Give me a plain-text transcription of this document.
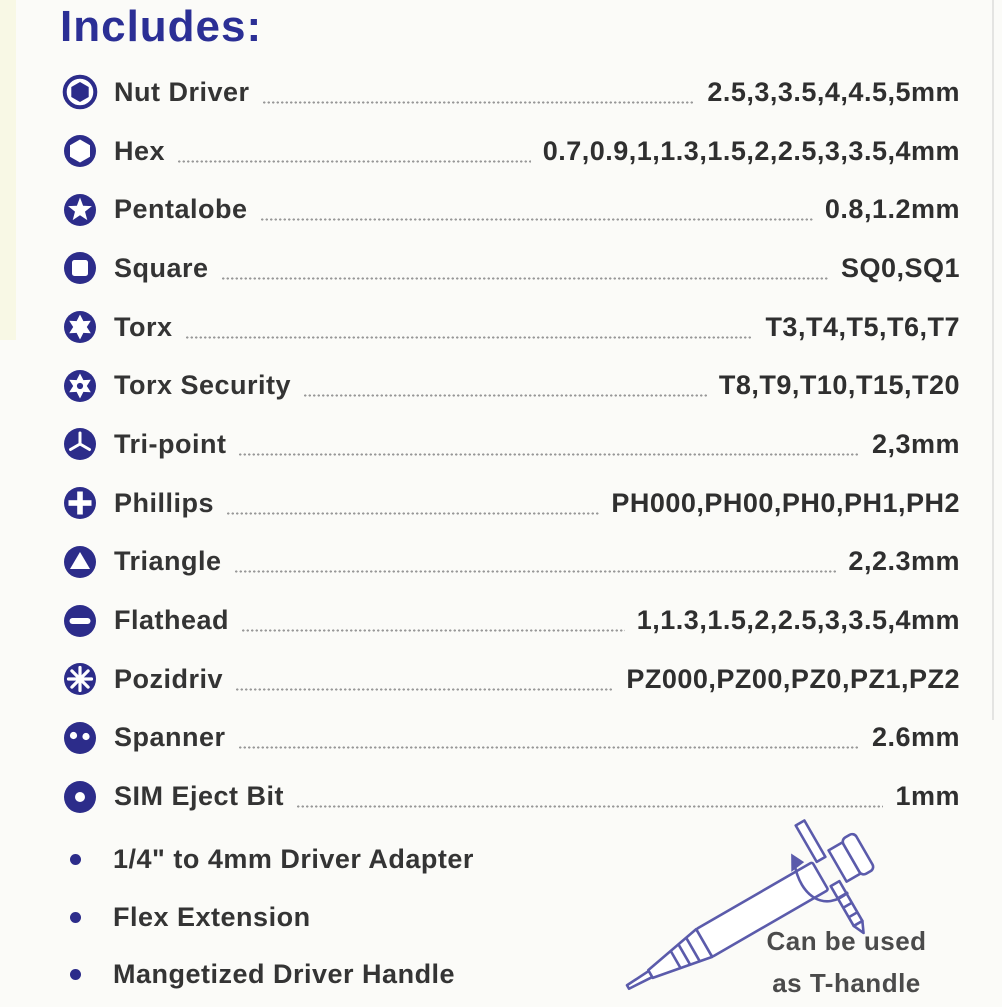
Includes:
Nut Driver	2.5,3,3.5,4,4.5,5mm
Hex	0.7,0.9,1,1.3,1.5,2,2.5,3,3.5,4mm
Pentalobe	0.8,1.2mm
Square	SQ0,SQ1
Torx	T3,T4,T5,T6,T7
Torx Security	T8,T9,T10,T15,T20
Tri-point	2,3mm
Phillips	PH000,PH00,PH0,PH1,PH2
Triangle	2,2.3mm
Flathead	1,1.3,1.5,2,2.5,3,3.5,4mm
Pozidriv	PZ000,PZ00,PZ0,PZ1,PZ2
Spanner	2.6mm
SIM Eject Bit	1mm
1/4" to 4mm Driver Adapter
Flex Extension
Mangetized Driver Handle
Can be used
as T-handle
